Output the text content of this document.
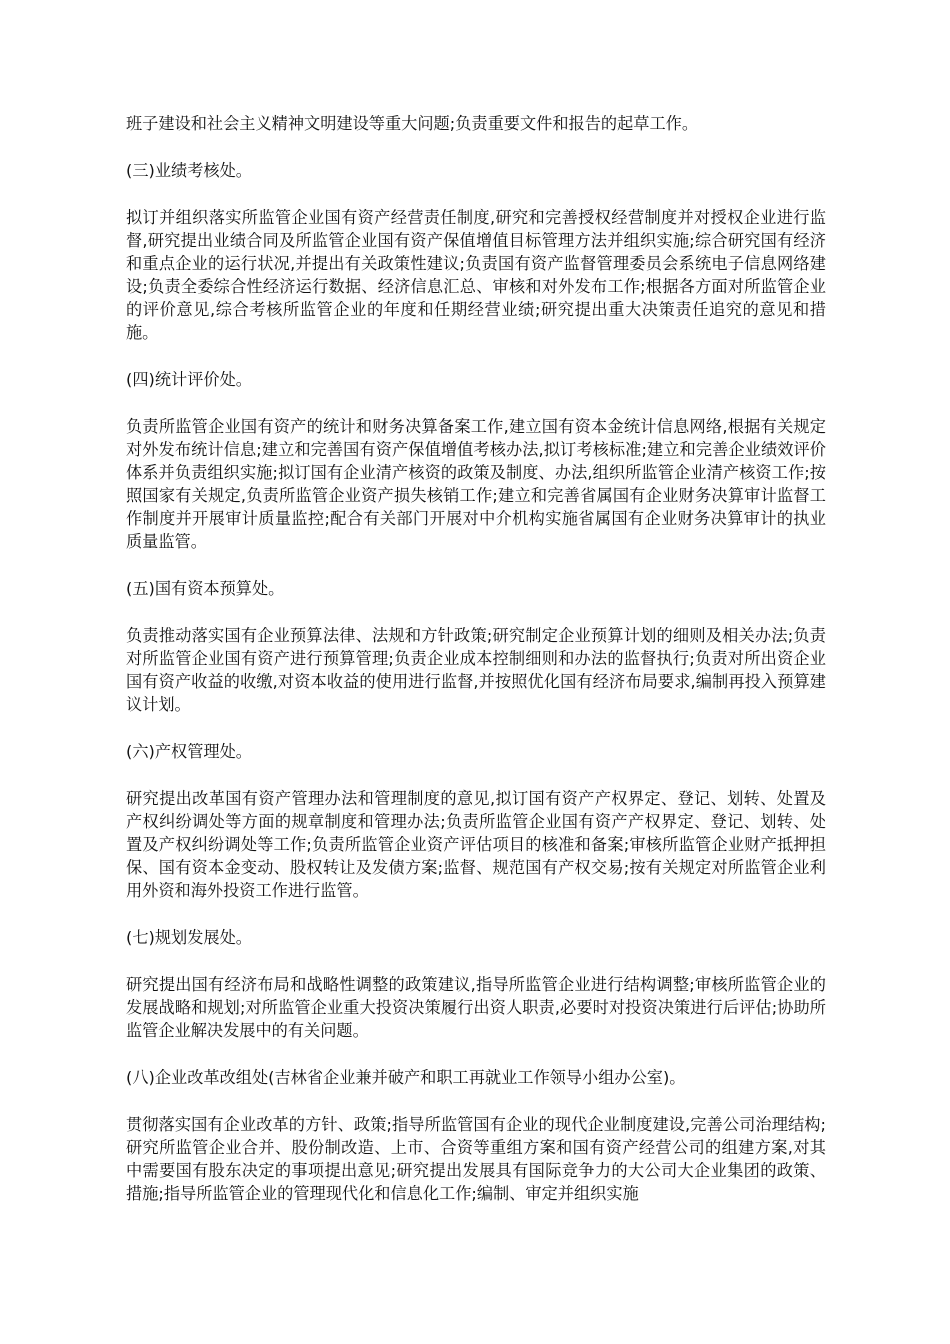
班子建设和社会主义精神文明建设等重大问题;负责重要文件和报告的起草工作。

(三)业绩考核处。

拟订并组织落实所监管企业国有资产经营责任制度,研究和完善授权经营制度并对授权企业进行监督,研究提出业绩合同及所监管企业国有资产保值增值目标管理方法并组织实施;综合研究国有经济和重点企业的运行状况,并提出有关政策性建议;负责国有资产监督管理委员会系统电子信息网络建设;负责全委综合性经济运行数据、经济信息汇总、审核和对外发布工作;根据各方面对所监管企业的评价意见,综合考核所监管企业的年度和任期经营业绩;研究提出重大决策责任追究的意见和措施。

(四)统计评价处。

负责所监管企业国有资产的统计和财务决算备案工作,建立国有资本金统计信息网络,根据有关规定对外发布统计信息;建立和完善国有资产保值增值考核办法,拟订考核标准;建立和完善企业绩效评价体系并负责组织实施;拟订国有企业清产核资的政策及制度、办法,组织所监管企业清产核资工作;按照国家有关规定,负责所监管企业资产损失核销工作;建立和完善省属国有企业财务决算审计监督工作制度并开展审计质量监控;配合有关部门开展对中介机构实施省属国有企业财务决算审计的执业质量监管。

(五)国有资本预算处。

负责推动落实国有企业预算法律、法规和方针政策;研究制定企业预算计划的细则及相关办法;负责对所监管企业国有资产进行预算管理;负责企业成本控制细则和办法的监督执行;负责对所出资企业国有资产收益的收缴,对资本收益的使用进行监督,并按照优化国有经济布局要求,编制再投入预算建议计划。

(六)产权管理处。

研究提出改革国有资产管理办法和管理制度的意见,拟订国有资产产权界定、登记、划转、处置及产权纠纷调处等方面的规章制度和管理办法;负责所监管企业国有资产产权界定、登记、划转、处置及产权纠纷调处等工作;负责所监管企业资产评估项目的核准和备案;审核所监管企业财产抵押担保、国有资本金变动、股权转让及发债方案;监督、规范国有产权交易;按有关规定对所监管企业利用外资和海外投资工作进行监管。

(七)规划发展处。

研究提出国有经济布局和战略性调整的政策建议,指导所监管企业进行结构调整;审核所监管企业的发展战略和规划;对所监管企业重大投资决策履行出资人职责,必要时对投资决策进行后评估;协助所监管企业解决发展中的有关问题。

(八)企业改革改组处(吉林省企业兼并破产和职工再就业工作领导小组办公室)。

贯彻落实国有企业改革的方针、政策;指导所监管国有企业的现代企业制度建设,完善公司治理结构;研究所监管企业合并、股份制改造、上市、合资等重组方案和国有资产经营公司的组建方案,对其中需要国有股东决定的事项提出意见;研究提出发展具有国际竞争力的大公司大企业集团的政策、措施;指导所监管企业的管理现代化和信息化工作;编制、审定并组织实施
